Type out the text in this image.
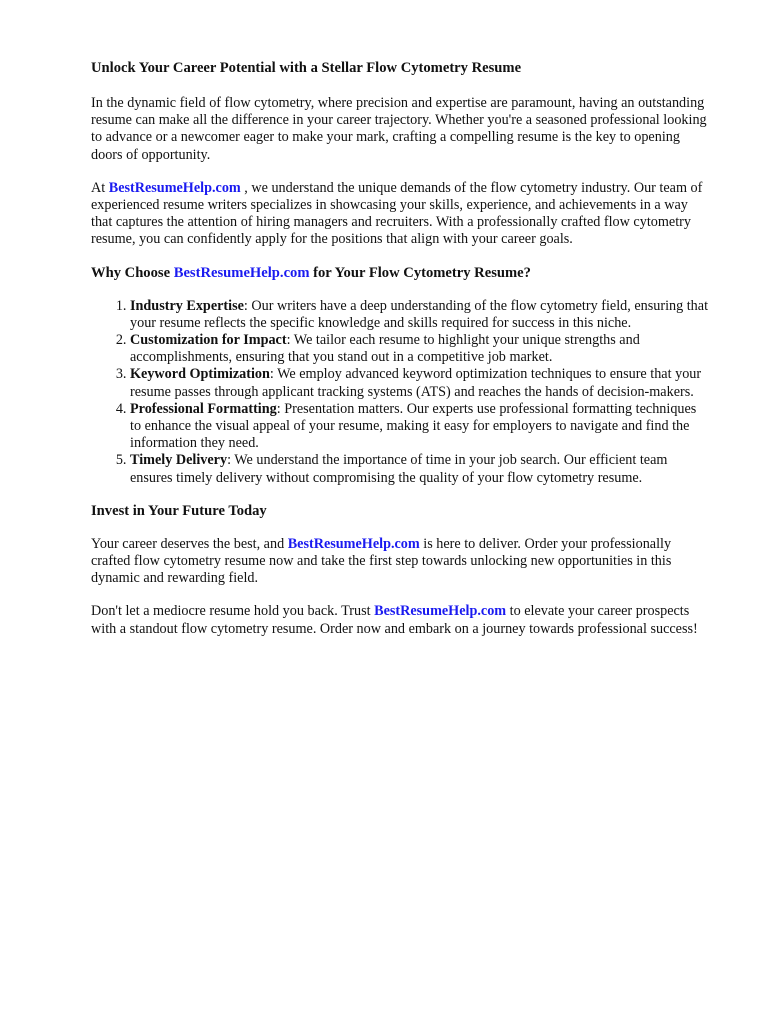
Unlock Your Career Potential with a Stellar Flow Cytometry Resume

In the dynamic field of flow cytometry, where precision and expertise are paramount, having an outstanding resume can make all the difference in your career trajectory. Whether you're a seasoned professional looking to advance or a newcomer eager to make your mark, crafting a compelling resume is the key to opening doors of opportunity.

At BestResumeHelp.com , we understand the unique demands of the flow cytometry industry. Our team of experienced resume writers specializes in showcasing your skills, experience, and achievements in a way that captures the attention of hiring managers and recruiters. With a professionally crafted flow cytometry resume, you can confidently apply for the positions that align with your career goals.

Why Choose BestResumeHelp.com for Your Flow Cytometry Resume?
1. Industry Expertise: Our writers have a deep understanding of the flow cytometry field, ensuring that your resume reflects the specific knowledge and skills required for success in this niche.
2. Customization for Impact: We tailor each resume to highlight your unique strengths and accomplishments, ensuring that you stand out in a competitive job market.
3. Keyword Optimization: We employ advanced keyword optimization techniques to ensure that your resume passes through applicant tracking systems (ATS) and reaches the hands of decision-makers.
4. Professional Formatting: Presentation matters. Our experts use professional formatting techniques to enhance the visual appeal of your resume, making it easy for employers to navigate and find the information they need.
5. Timely Delivery: We understand the importance of time in your job search. Our efficient team ensures timely delivery without compromising the quality of your flow cytometry resume.
Invest in Your Future Today

Your career deserves the best, and BestResumeHelp.com is here to deliver. Order your professionally crafted flow cytometry resume now and take the first step towards unlocking new opportunities in this dynamic and rewarding field.

Don't let a mediocre resume hold you back. Trust BestResumeHelp.com to elevate your career prospects with a standout flow cytometry resume. Order now and embark on a journey towards professional success!
